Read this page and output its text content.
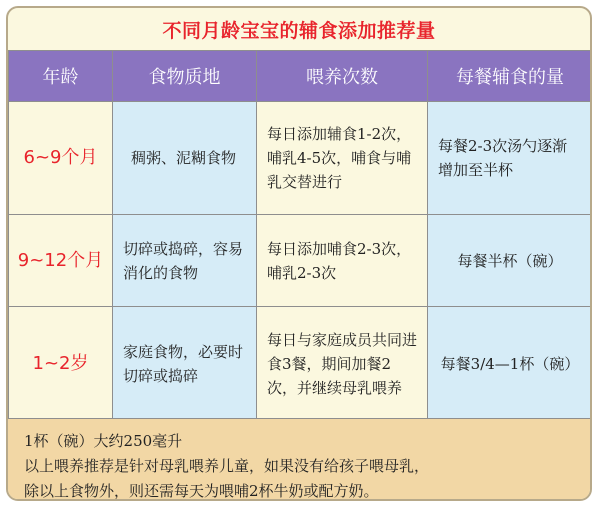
不同月龄宝宝的辅食添加推荐量
年龄	食物质地	喂养次数	每餐辅食的量
6~9个月	稠粥、泥糊食物	每日添加辅食1-2次，哺乳4-5次，哺食与哺乳交替进行	每餐2-3次汤勺逐渐增加至半杯

9~12个月	切碎或捣碎，容易消化的食物	每日添加哺食2-3次，哺乳2-3次	每餐半杯（碗）

1~2岁	家庭食物，必要时切碎或捣碎	每日与家庭成员共同进食3餐，期间加餐2次，并继续母乳喂养	每餐3/4—1杯（碗）
1杯（碗）大约250毫升
以上喂养推荐是针对母乳喂养儿童，如果没有给孩子喂母乳，
除以上食物外，则还需每天为喂哺2杯牛奶或配方奶。
